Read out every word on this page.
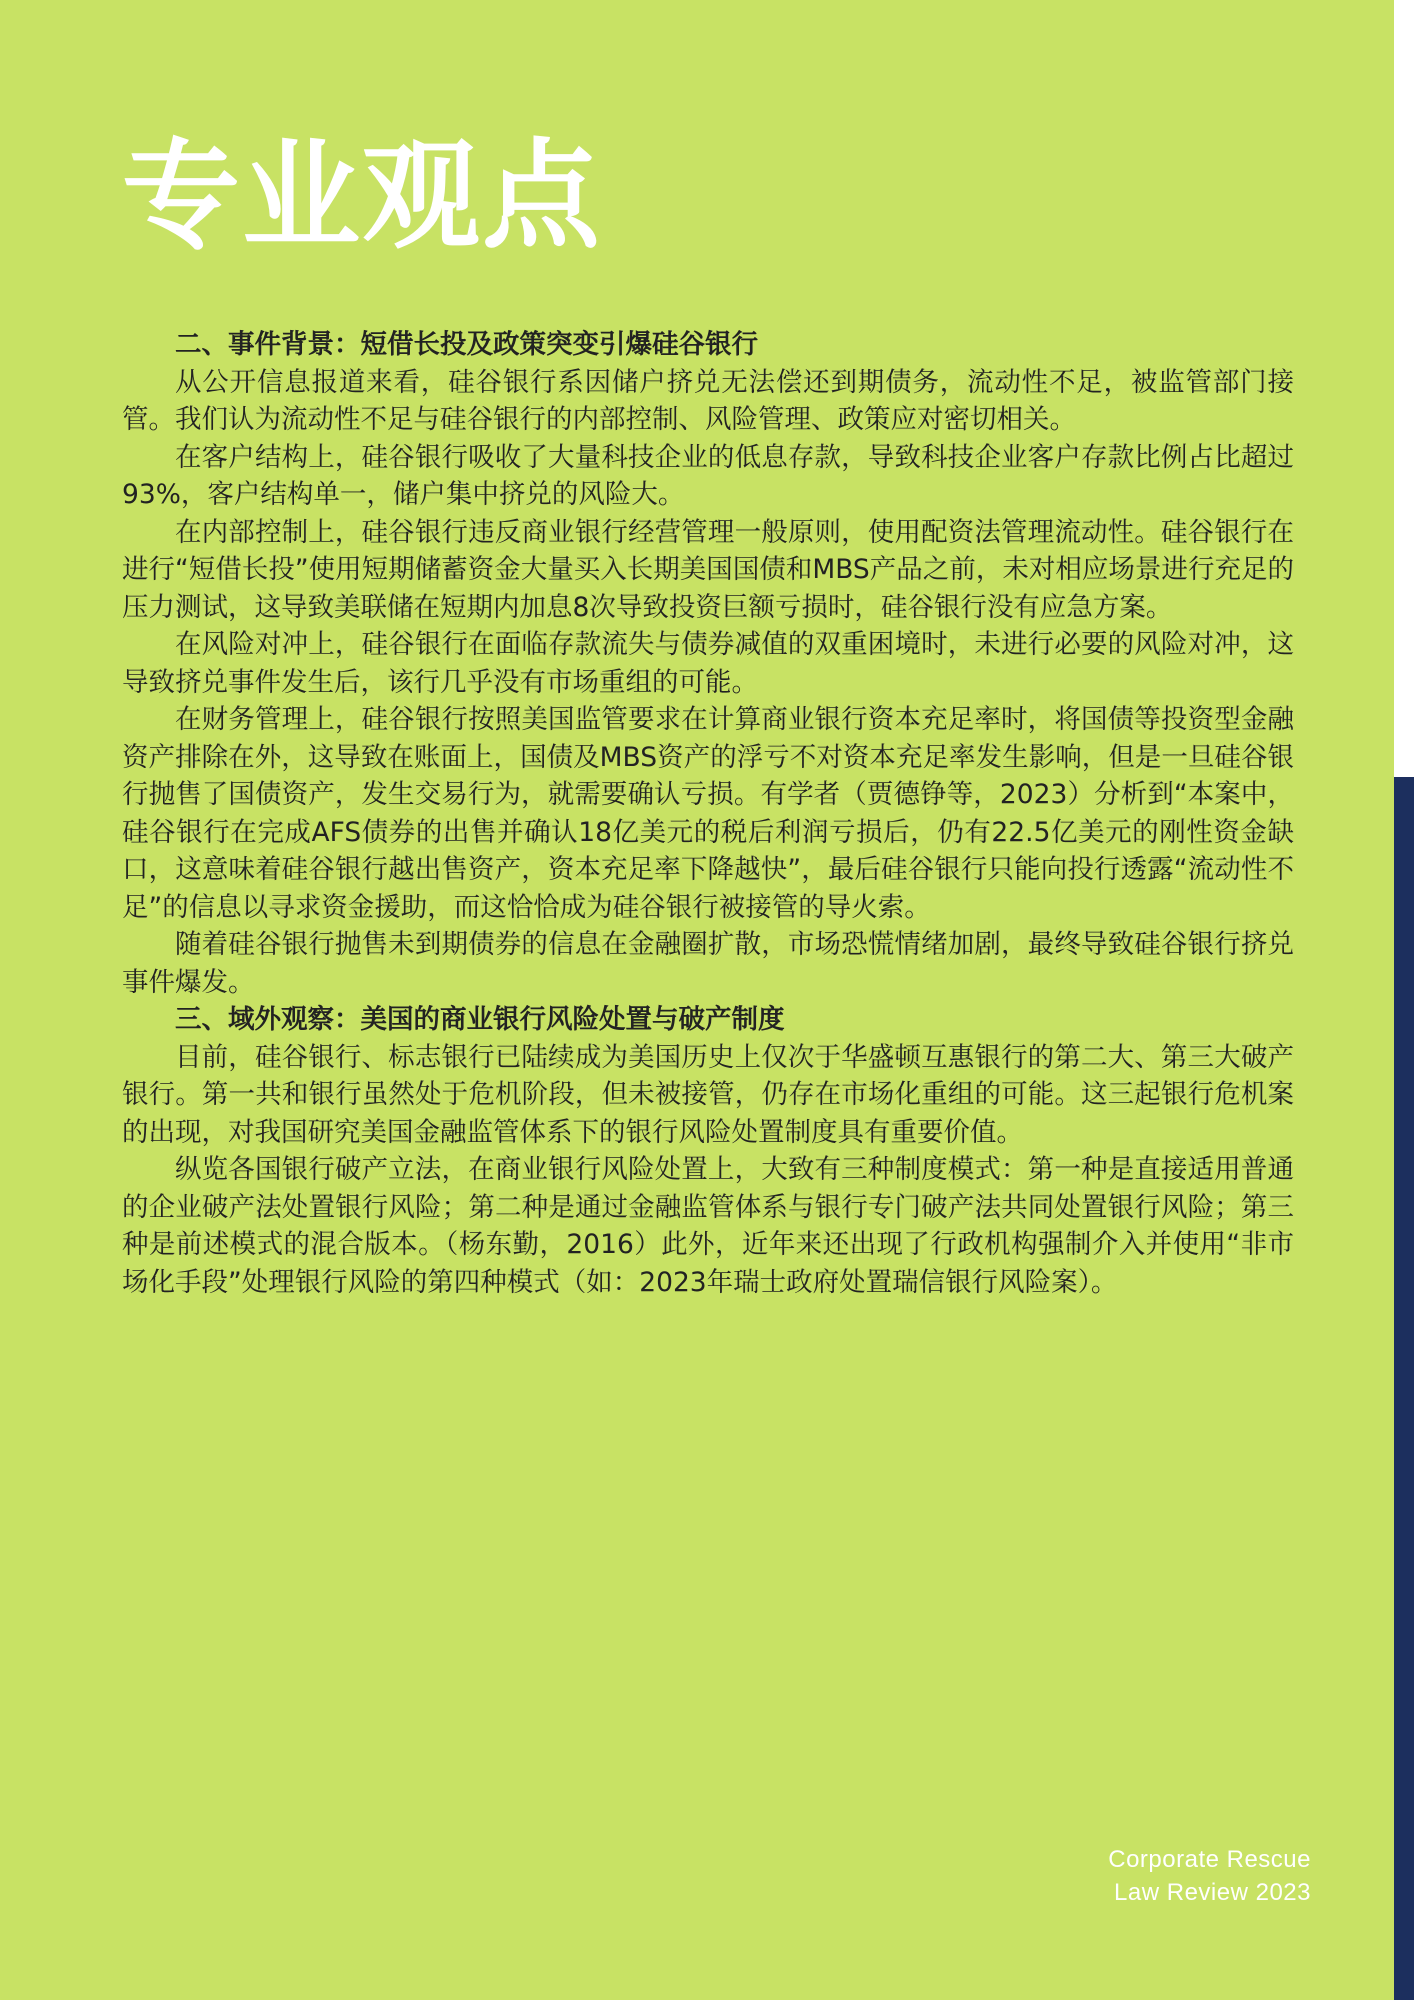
专业观点

二、事件背景：短借长投及政策突变引爆硅谷银行

从公开信息报道来看，硅谷银行系因储户挤兑无法偿还到期债务，流动性不足，被监管部门接管。我们认为流动性不足与硅谷银行的内部控制、风险管理、政策应对密切相关。

在客户结构上，硅谷银行吸收了大量科技企业的低息存款，导致科技企业客户存款比例占比超过93%，客户结构单一，储户集中挤兑的风险大。

在内部控制上，硅谷银行违反商业银行经营管理一般原则，使用配资法管理流动性。硅谷银行在进行“短借长投”使用短期储蓄资金大量买入长期美国国债和MBS产品之前，未对相应场景进行充足的压力测试，这导致美联储在短期内加息8次导致投资巨额亏损时，硅谷银行没有应急方案。

在风险对冲上，硅谷银行在面临存款流失与债券减值的双重困境时，未进行必要的风险对冲，这导致挤兑事件发生后，该行几乎没有市场重组的可能。

在财务管理上，硅谷银行按照美国监管要求在计算商业银行资本充足率时，将国债等投资型金融资产排除在外，这导致在账面上，国债及MBS资产的浮亏不对资本充足率发生影响，但是一旦硅谷银行抛售了国债资产，发生交易行为，就需要确认亏损。有学者（贾德铮等，2023）分析到“本案中，硅谷银行在完成AFS债券的出售并确认18亿美元的税后利润亏损后，仍有22.5亿美元的刚性资金缺口，这意味着硅谷银行越出售资产，资本充足率下降越快”，最后硅谷银行只能向投行透露“流动性不足”的信息以寻求资金援助，而这恰恰成为硅谷银行被接管的导火索。

随着硅谷银行抛售未到期债券的信息在金融圈扩散，市场恐慌情绪加剧，最终导致硅谷银行挤兑事件爆发。

三、域外观察：美国的商业银行风险处置与破产制度

目前，硅谷银行、标志银行已陆续成为美国历史上仅次于华盛顿互惠银行的第二大、第三大破产银行。第一共和银行虽然处于危机阶段，但未被接管，仍存在市场化重组的可能。这三起银行危机案的出现，对我国研究美国金融监管体系下的银行风险处置制度具有重要价值。

纵览各国银行破产立法，在商业银行风险处置上，大致有三种制度模式：第一种是直接适用普通的企业破产法处置银行风险；第二种是通过金融监管体系与银行专门破产法共同处置银行风险；第三种是前述模式的混合版本。（杨东勤，2016）此外，近年来还出现了行政机构强制介入并使用“非市场化手段”处理银行风险的第四种模式（如：2023年瑞士政府处置瑞信银行风险案）。

Corporate Rescue
Law Review 2023
